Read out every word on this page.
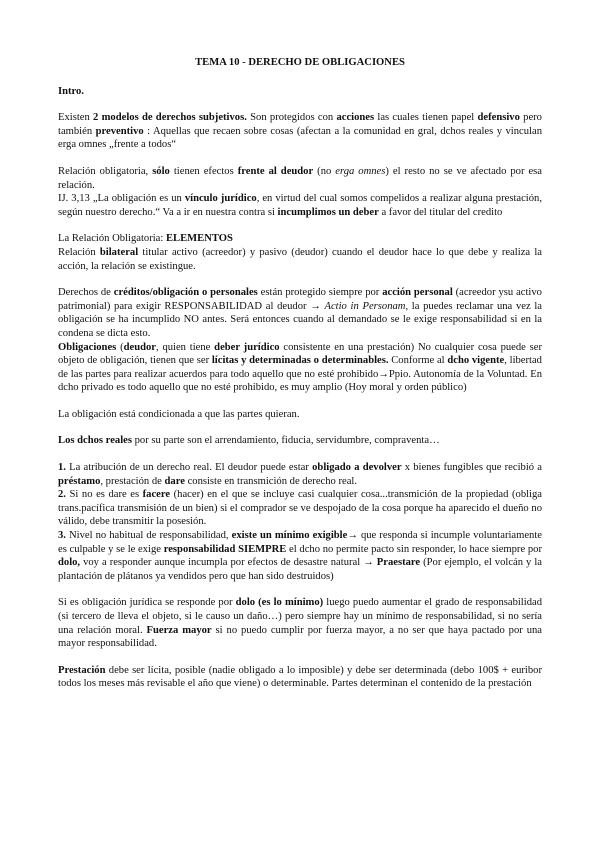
TEMA 10 - DERECHO DE OBLIGACIONES

Intro.

Existen 2 modelos de derechos subjetivos. Son protegidos con acciones las cuales tienen papel defensivo pero también preventivo : Aquellas que recaen sobre cosas (afectan a la comunidad en gral, dchos reales y vinculan erga omnes „frente a todos“

Relación obligatoria, sólo tienen efectos frente al deudor (no erga omnes) el resto no se ve afectado por esa relación.

IJ. 3,13 „La obligación es un vínculo jurídico, en virtud del cual somos compelidos a realizar alguna prestación, según nuestro derecho.“ Va a ir en nuestra contra si incumplimos un deber a favor del titular del credito

La Relación Obligatoria: ELEMENTOS

Relación bilateral titular activo (acreedor) y pasivo (deudor) cuando el deudor hace lo que debe y realiza la acción, la relación se existingue.

Derechos de créditos/obligación o personales están protegido siempre por acción personal (acreedor ysu activo patrimonial) para exigir RESPONSABILIDAD al deudor → Actio in Personam, la puedes reclamar una vez la obligación se ha incumplido NO antes. Será entonces cuando al demandado se le exige responsabilidad si en la condena se dicta esto.

Obligaciones (deudor, quien tiene deber jurídico consistente en una prestación) No cualquier cosa puede ser objeto de obligación, tienen que ser lícitas y determinadas o determinables. Conforme al dcho vigente, libertad de las partes para realizar acuerdos para todo aquello que no esté prohibido→Ppio. Autonomía de la Voluntad. En dcho privado es todo aquello que no esté prohibido, es muy amplio (Hoy moral y orden público)

La obligación está condicionada a que las partes quieran.

Los dchos reales por su parte son el arrendamiento, fiducia, servidumbre, compraventa…

1. La atribución de un derecho real. El deudor puede estar obligado a devolver x bienes fungibles que recibió a préstamo, prestación de dare consiste en transmición de derecho real.

2. Si no es dare es facere (hacer) en el que se incluye casi cualquier cosa...transmición de la propiedad (obliga trans.pacífica transmisión de un bien) si el comprador se ve despojado de la cosa porque ha aparecido el dueño no válido, debe transmitir la posesión.

3. Nivel no habitual de responsabilidad, existe un mínimo exigible→ que responda si incumple voluntariamente es culpable y se le exige responsabilidad SIEMPRE el dcho no permite pacto sin responder, lo hace siempre por dolo, voy a responder aunque incumpla por efectos de desastre natural → Praestare (Por ejemplo, el volcán y la plantación de plátanos ya vendidos pero que han sido destruidos)

Si es obligación jurídica se responde por dolo (es lo mínimo) luego puedo aumentar el grado de responsabilidad (si tercero de lleva el objeto, si le causo un daño…) pero siempre hay un mínimo de responsabilidad, si no sería una relación moral. Fuerza mayor si no puedo cumplir por fuerza mayor, a no ser que haya pactado por una mayor responsabilidad.

Prestación debe ser lícita, posible (nadie obligado a lo imposible) y debe ser determinada (debo 100$ + euribor todos los meses más revisable el año que viene) o determinable. Partes determinan el contenido de la prestación
